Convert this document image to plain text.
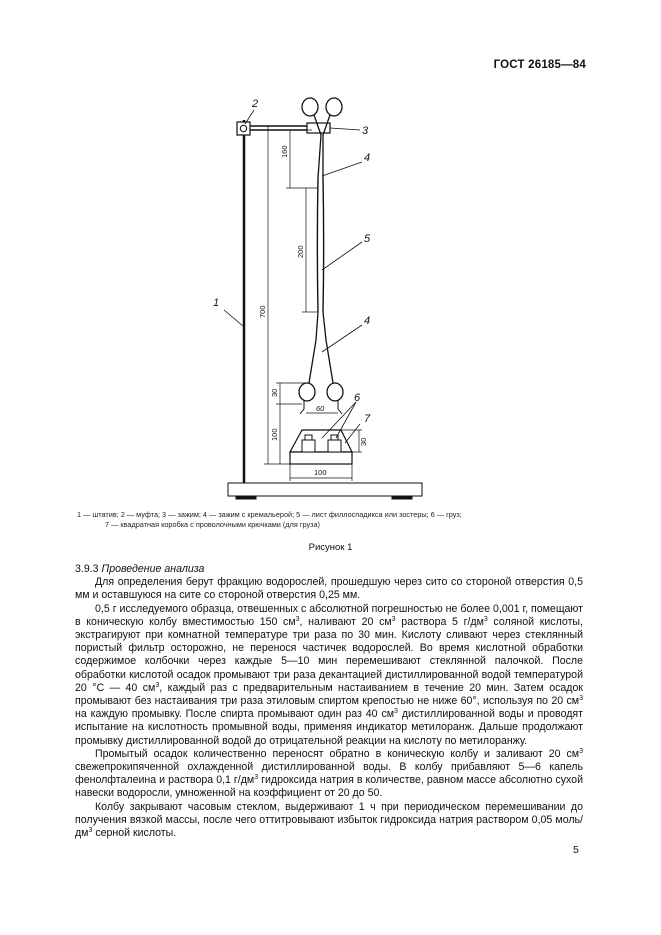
ГОСТ 26185—84
2
3
4
5
4
6
7
1
160
200
700
30
100
60
30
100
1 — штатив; 2 — муфта; 3 — зажим; 4 — зажим с кремальерой; 5 — лист филлоспадикса или зостеры; 6 — груз;
7 — квадратная коробка с проволочными крючками (для груза)
Рисунок 1

3.9.3 Проведение анализа

Для определения берут фракцию водорослей, прошедшую через сито со стороной отверстия 0,5 мм и оставшуюся на сите со стороной отверстия 0,25 мм.

0,5 г исследуемого образца, отвешенных с абсолютной погрешностью не более 0,001 г, помещают в коническую колбу вместимостью 150 $см^3$, наливают 20 $см^3$ раствора 5 $г/дм^3$ соляной кислоты, экстрагируют при комнатной температуре три раза по 30 мин. Кислоту сливают через стеклянный пористый фильтр осторожно, не перенося частичек водорослей. Во время кислотной обработки содержимое колбочки через каждые 5—10 мин перемешивают стеклянной палочкой. После обработки кислотой осадок промывают три раза декантацией дистиллированной водой температурой 20 °С — 40 $см^3$, каждый раз с предварительным настаиванием в течение 20 мин. Затем осадок промывают без настаивания три раза этиловым спиртом крепостью не ниже 60°, используя по 20 $см^3$ на каждую промывку. После спирта промывают один раз 40 $см^3$ дистиллированной воды и проводят испытание на кислотность промывной воды, применяя индикатор метилоранж. Дальше продолжают промывку дистиллированной водой до отрицательной реакции на кислоту по метилоранжу.

Промытый осадок количественно переносят обратно в коническую колбу и заливают 20 $см^3$ свежепрокипяченной охлажденной дистиллированной воды. В колбу прибавляют 5—6 капель фенолфталеина и раствора 0,1 $г/дм^3$ гидроксида натрия в количестве, равном массе абсолютно сухой навески водоросли, умноженной на коэффициент от 20 до 50.

Колбу закрывают часовым стеклом, выдерживают 1 ч при периодическом перемешивании до получения вязкой массы, после чего оттитровывают избыток гидроксида натрия раствором 0,05 моль/$дм^3$ серной кислоты.

5
